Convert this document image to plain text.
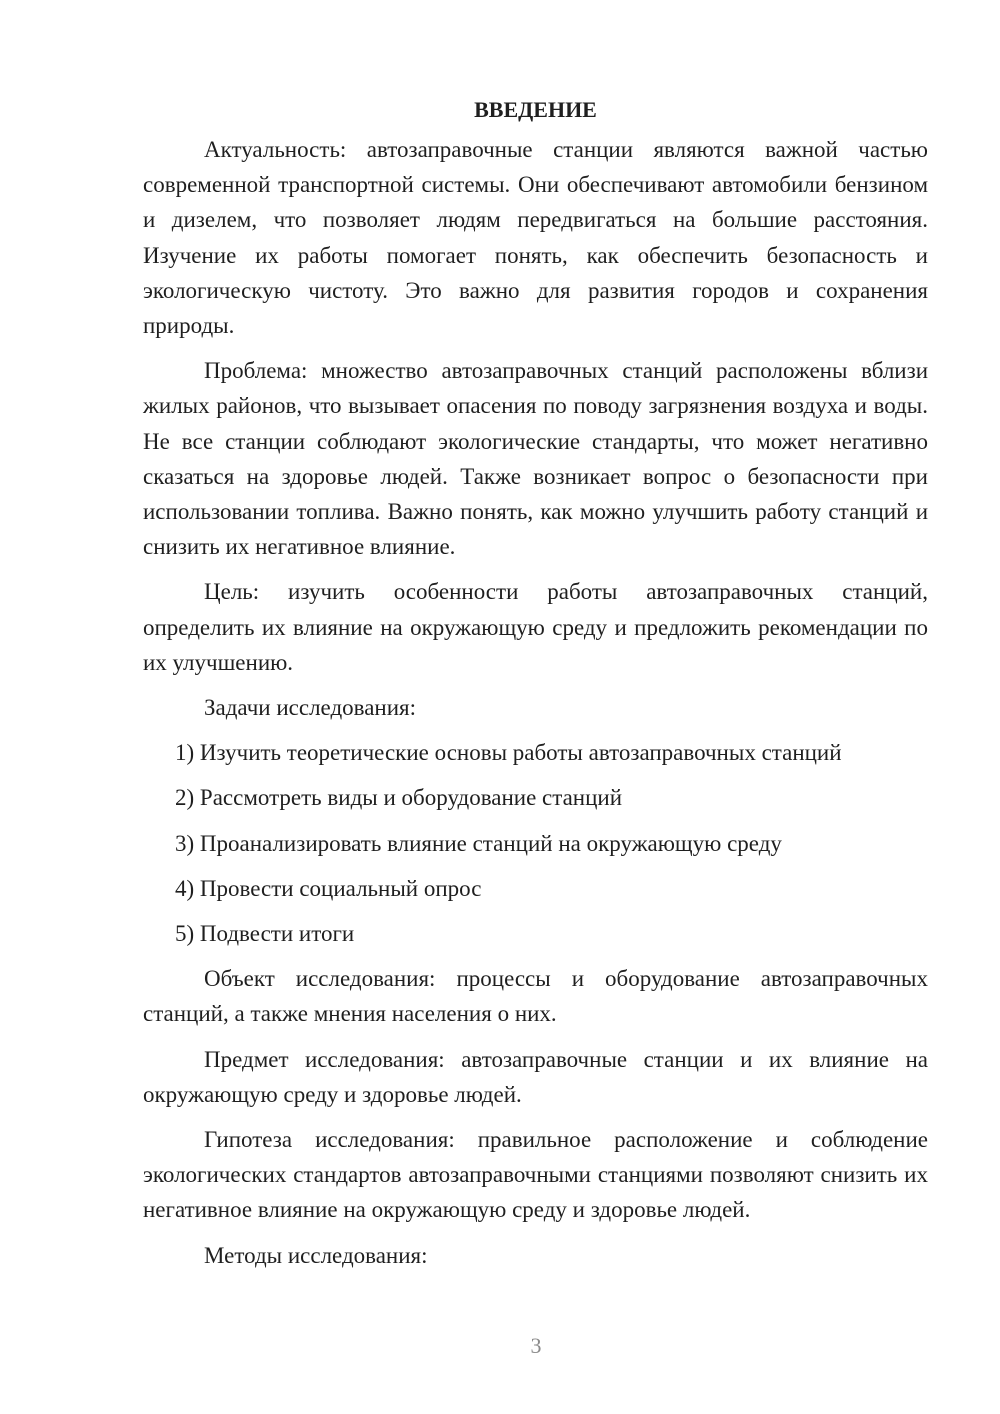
ВВЕДЕНИЕ

Актуальность: автозаправочные станции являются важной частью современной транспортной системы. Они обеспечивают автомобили бензином и дизелем, что позволяет людям передвигаться на большие расстояния. Изучение их работы помогает понять, как обеспечить безопасность и экологическую чистоту. Это важно для развития городов и сохранения природы.

Проблема: множество автозаправочных станций расположены вблизи жилых районов, что вызывает опасения по поводу загрязнения воздуха и воды. Не все станции соблюдают экологические стандарты, что может негативно сказаться на здоровье людей. Также возникает вопрос о безопасности при использовании топлива. Важно понять, как можно улучшить работу станций и снизить их негативное влияние.

Цель: изучить особенности работы автозаправочных станций, определить их влияние на окружающую среду и предложить рекомендации по их улучшению.

Задачи исследования:

1) Изучить теоретические основы работы автозаправочных станций
2) Рассмотреть виды и оборудование станций
3) Проанализировать влияние станций на окружающую среду
4) Провести социальный опрос
5) Подвести итоги

Объект исследования: процессы и оборудование автозаправочных станций, а также мнения населения о них.

Предмет исследования: автозаправочные станции и их влияние на окружающую среду и здоровье людей.

Гипотеза исследования: правильное расположение и соблюдение экологических стандартов автозаправочными станциями позволяют снизить их негативное влияние на окружающую среду и здоровье людей.

Методы исследования:

3
